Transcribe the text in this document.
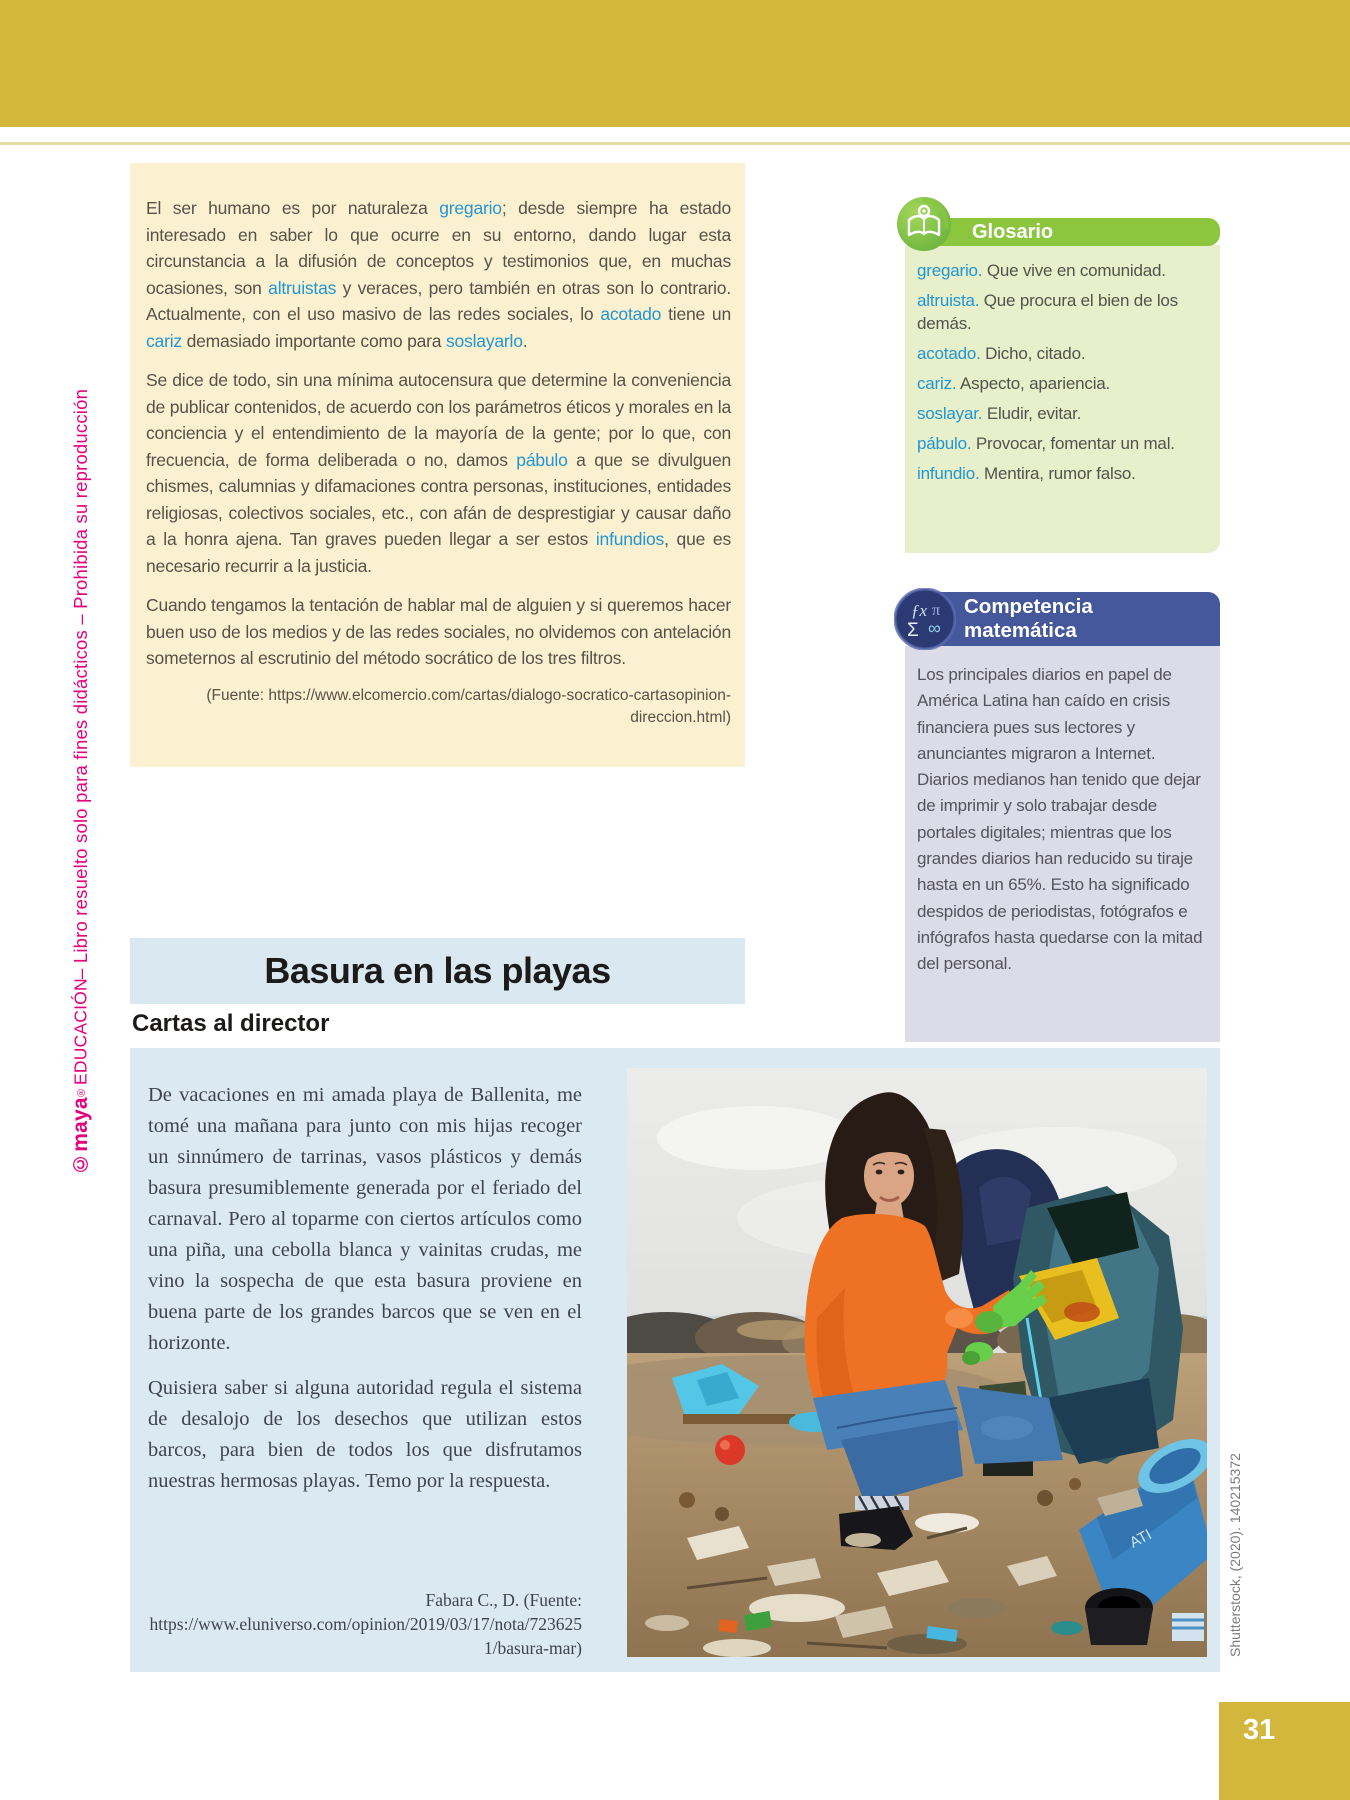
©maya
®
EDUCACIÓN
– Libro resuelto solo para fines didácticos – Prohibida su reproducción

El ser humano es por naturaleza gregario; desde siempre ha estado interesado en saber lo que ocurre en su entorno, dando lugar esta circunstancia a la difusión de conceptos y testimonios que, en muchas ocasiones, son altruistas y veraces, pero también en otras son lo contrario. Actualmente, con el uso masivo de las redes sociales, lo acotado tiene un cariz demasiado importante como para soslayarlo.

Se dice de todo, sin una mínima autocensura que determine la conveniencia de publicar contenidos, de acuerdo con los parámetros éticos y morales en la conciencia y el entendimiento de la mayoría de la gente; por lo que, con frecuencia, de forma deliberada o no, damos pábulo a que se divulguen chismes, calumnias y difamaciones contra personas, instituciones, entidades religiosas, colectivos sociales, etc., con afán de desprestigiar y causar daño a la honra ajena. Tan graves pueden llegar a ser estos infundios, que es necesario recurrir a la justicia.

Cuando tengamos la tentación de hablar mal de alguien y si queremos hacer buen uso de los medios y de las redes sociales, no olvidemos con antelación someternos al escrutinio del método socrático de los tres filtros.

(Fuente: https://www.elcomercio.com/cartas/dialogo-socratico-cartasopinion-direccion.html)

gregario. Que vive en comunidad.

altruista. Que procura el bien de los demás.

acotado. Dicho, citado.

cariz. Aspecto, apariencia.

soslayar. Eludir, evitar.

pábulo. Provocar, fomentar un mal.

infundio. Mentira, rumor falso.

Glosario
Los principales diarios en papel de América Latina han caído en crisis financiera pues sus lectores y anunciantes migraron a Internet. Diarios medianos han tenido que dejar de imprimir y solo trabajar desde portales digitales; mientras que los grandes diarios han reducido su tiraje hasta en un 65%. Esto ha significado despidos de periodistas, fotógrafos e infógrafos hasta quedarse con la mitad del personal.
Competencia
matemática
ƒx π
Σ ∞
Basura en las playas
Cartas al director

De vacaciones en mi amada playa de Ballenita, me tomé una mañana para junto con mis hijas recoger un sinnúmero de tarrinas, vasos plásticos y demás basura presumiblemente generada por el feriado del carnaval. Pero al toparme con ciertos artículos como una piña, una cebolla blanca y vainitas crudas, me vino la sospecha de que esta basura proviene en buena parte de los grandes barcos que se ven en el horizonte.

Quisiera saber si alguna autoridad regula el sistema de desalojo de los desechos que utilizan estos barcos, para bien de todos los que disfrutamos nuestras hermosas playas. Temo por la respuesta.

Fabara C., D. (Fuente: https://www.eluniverso.com/opinion/2019/03/17/nota/7236251/basura-mar)
ATI	Shutterstock, (2020). 140215372
31
